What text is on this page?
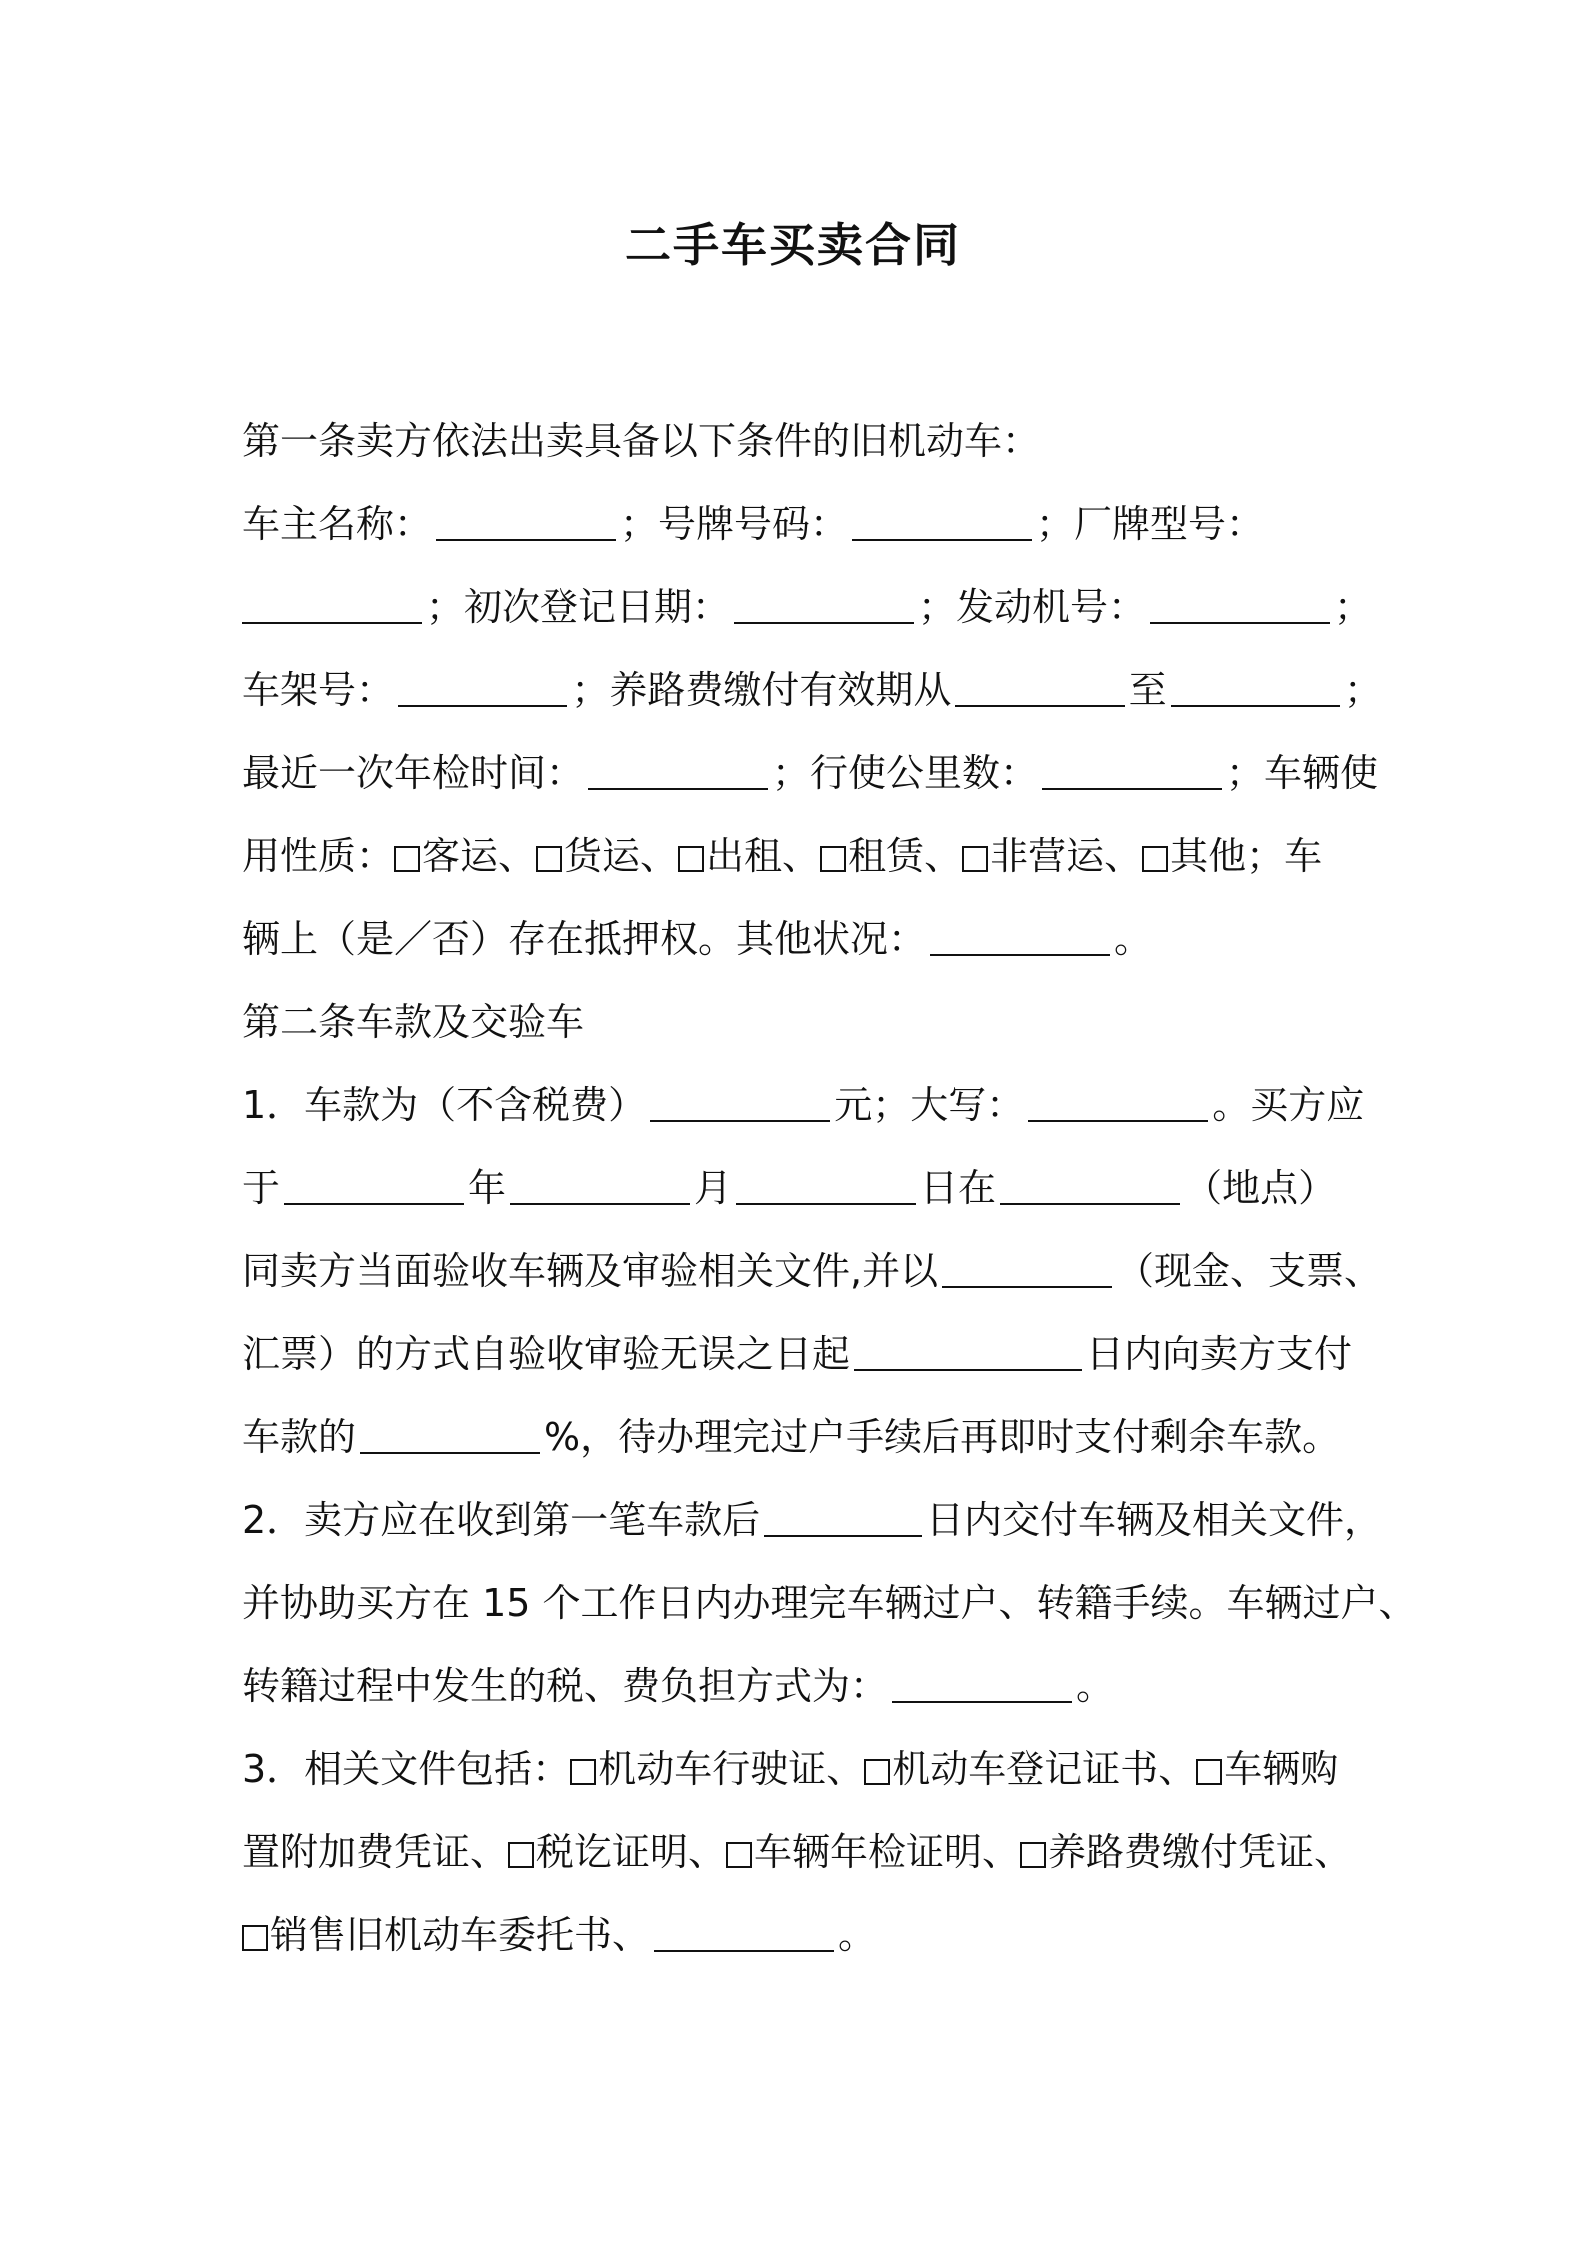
二手车买卖合同
第一条卖方依法出卖具备以下条件的旧机动车：
车主名称：	；号牌号码：	；厂牌型号：
；初次登记日期：	；发动机号：	；
车架号：	；养路费缴付有效期从	至	；
最近一次年检时间：	；行使公里数：	；车辆使
用性质： 客运、 货运、 出租、 租赁、 非营运、 其他；车
辆上（是／否）存在抵押权。其他状况：	。
第二条车款及交验车
1．车款为（不含税费）	元；大写：	。买方应
于	年	月	日在	（地点）
同卖方当面验收车辆及审验相关文件,并以	（现金、支票、
汇票）的方式自验收审验无误之日起	日内向卖方支付
车款的	%，待办理完过户手续后再即时支付剩余车款。
2．卖方应在收到第一笔车款后	日内交付车辆及相关文件，
并协助买方在 15 个工作日内办理完车辆过户、转籍手续。车辆过户、
转籍过程中发生的税、费负担方式为：	。
3．相关文件包括： 机动车行驶证、 机动车登记证书、 车辆购
置附加费凭证、 税讫证明、 车辆年检证明、 养路费缴付凭证、
销售旧机动车委托书、	。
